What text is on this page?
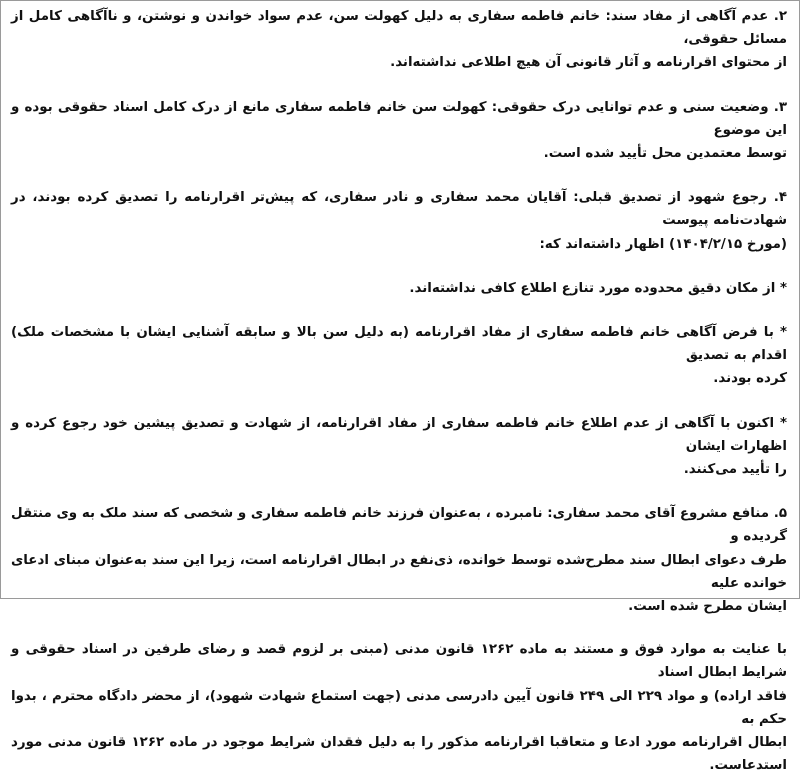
۲. عدم آگاهی از مفاد سند: خانم فاطمه سفاری به دلیل کهولت سن، عدم سواد خواندن و نوشتن، و ناآگاهی کامل از مسائل حقوقی،
از محتوای اقرارنامه و آثار قانونی آن هیچ اطلاعی نداشته‌اند.
۳. وضعیت سنی و عدم توانایی درک حقوقی: کهولت سن خانم فاطمه سفاری مانع از درک کامل اسناد حقوقی بوده و این موضوع
توسط معتمدین محل تأیید شده است.
۴. رجوع شهود از تصدیق قبلی: آقایان محمد سفاری و نادر سفاری، که پیش‌تر اقرارنامه را تصدیق کرده بودند، در شهادت‌نامه پیوست
(مورخ ۱۴۰۴/۲/۱۵) اظهار داشته‌اند که:
* از مکان دقیق محدوده مورد تنازع اطلاع کافی نداشته‌اند.
* با فرض آگاهی خانم فاطمه سفاری از مفاد اقرارنامه (به دلیل سن بالا و سابقه آشنایی ایشان با مشخصات ملک) اقدام به تصدیق
کرده بودند.
* اکنون با آگاهی از عدم اطلاع خانم فاطمه سفاری از مفاد اقرارنامه، از شهادت و تصدیق پیشین خود رجوع کرده و اظهارات ایشان
را تأیید می‌کنند.
۵. منافع مشروع آقای محمد سفاری: نامبرده ، به‌عنوان فرزند خانم فاطمه سفاری و شخصی که سند ملک به وی منتقل گردیده و
طرف دعوای ابطال سند مطرح‌شده توسط خوانده، ذی‌نفع در ابطال اقرارنامه است، زیرا این سند به‌عنوان مبنای ادعای خوانده علیه
ایشان مطرح شده است.
با عنایت به موارد فوق و مستند به ماده ۱۲۶۲ قانون مدنی (مبنی بر لزوم قصد و رضای طرفین در اسناد حقوقی و شرایط ابطال اسناد
فاقد اراده) و مواد ۲۲۹ الی ۲۴۹ قانون آیین دادرسی مدنی (جهت استماع شهادت شهود)، از محضر دادگاه محترم ، بدوا حکم به
ابطال اقرارنامه مورد ادعا و متعاقبا اقرارنامه مذکور را به دلیل فقدان شرایط موجود در ماده ۱۲۶۲ قانون مدنی مورد استدعاست.
